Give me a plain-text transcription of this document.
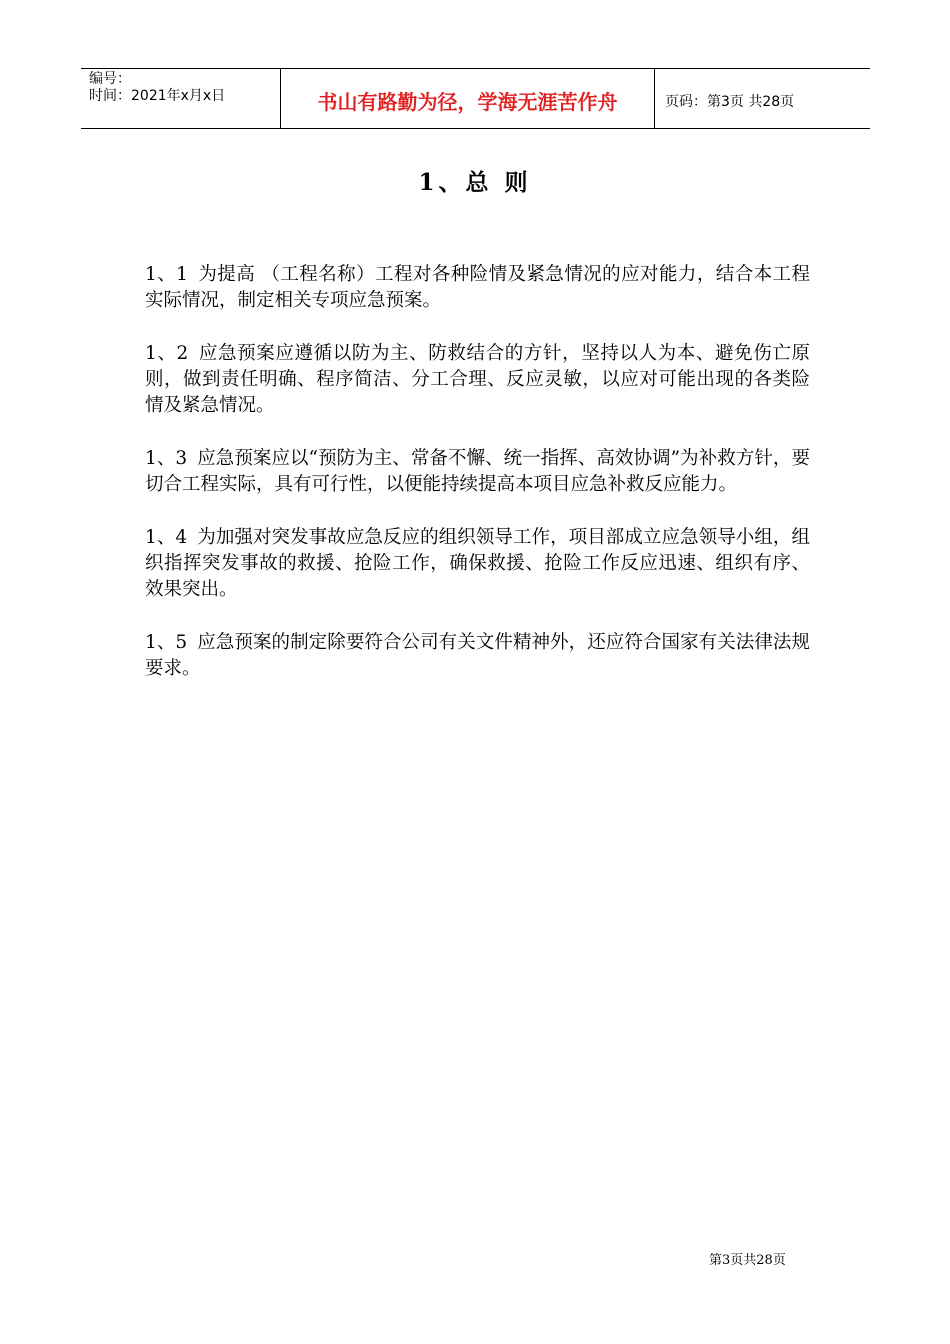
编号：
时间：2021年x月x日	书山有路勤为径，学海无涯苦作舟	页码：第3页 共28页
1、总 则

1、1 为提高 （工程名称）工程对各种险情及紧急情况的应对能力，结合本工程实际情况，制定相关专项应急预案。

1、2 应急预案应遵循以防为主、防救结合的方针，坚持以人为本、避免伤亡原则，做到责任明确、程序简洁、分工合理、反应灵敏，以应对可能出现的各类险情及紧急情况。

1、3 应急预案应以“预防为主、常备不懈、统一指挥、高效协调”为补救方针，要切合工程实际，具有可行性，以便能持续提高本项目应急补救反应能力。

1、4 为加强对突发事故应急反应的组织领导工作，项目部成立应急领导小组，组织指挥突发事故的救援、抢险工作，确保救援、抢险工作反应迅速、组织有序、效果突出。

1、5 应急预案的制定除要符合公司有关文件精神外，还应符合国家有关法律法规要求。

第3页共28页
